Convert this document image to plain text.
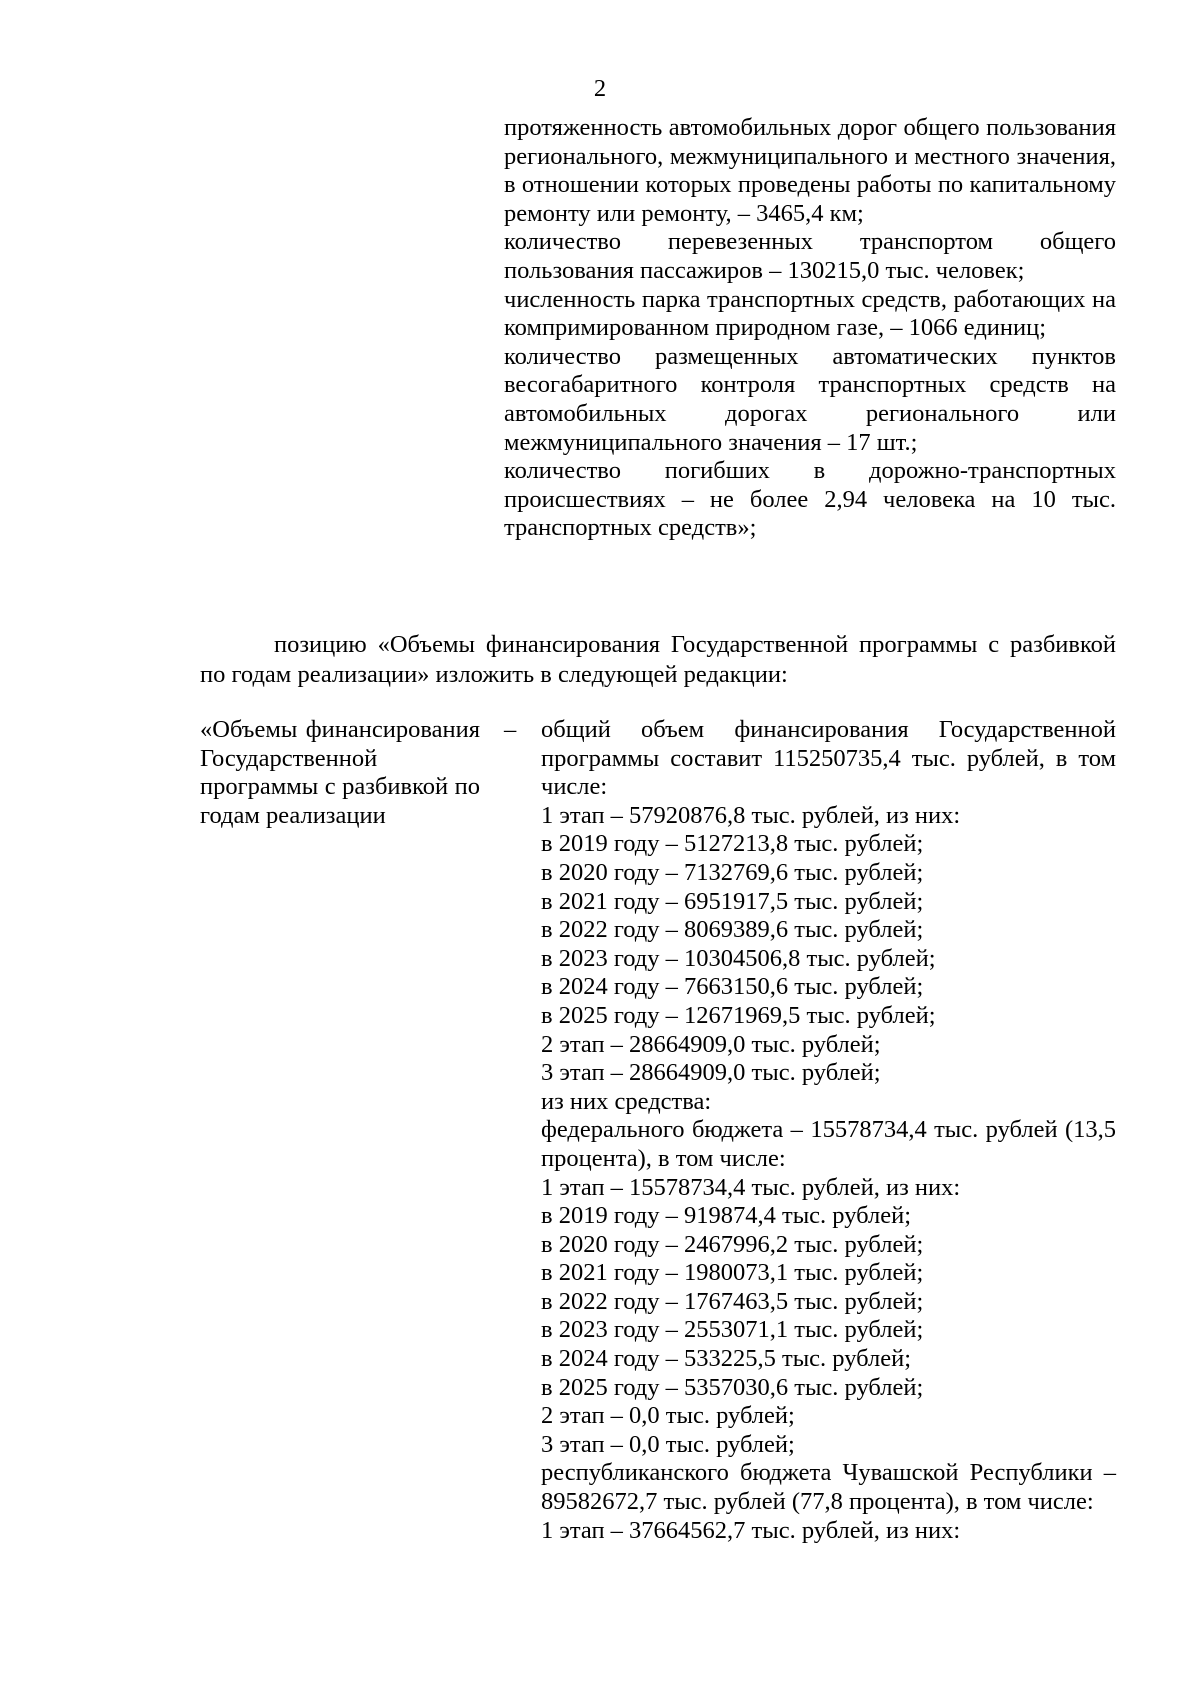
2
протяженность автомобильных дорог общего пользования регионального, межмуниципального и местного значения, в отношении которых проведены работы по капитальному ремонту или ремонту, – 3465,4 км;
количество перевезенных транспортом общего пользования пассажиров – 130215,0 тыс. человек;
численность парка транспортных средств, работающих на компримированном природном газе, – 1066 единиц;
количество размещенных автоматических пунктов весогабаритного контроля транспортных средств на автомобильных дорогах регионального или межмуниципального значения – 17 шт.;
количество погибших в дорожно-транспортных происшествиях – не более 2,94 человека на 10 тыс. транспортных средств»;
позицию «Объемы финансирования Государственной программы с разбивкой по годам реализации» изложить в следующей редакции:
«Объемы финансирования Государственной программы с разбивкой по годам реализации
– общий объем финансирования Государственной программы составит 115250735,4 тыс. рублей, в том числе:
1 этап – 57920876,8 тыс. рублей, из них:
в 2019 году – 5127213,8 тыс. рублей;
в 2020 году – 7132769,6 тыс. рублей;
в 2021 году – 6951917,5 тыс. рублей;
в 2022 году – 8069389,6 тыс. рублей;
в 2023 году – 10304506,8 тыс. рублей;
в 2024 году – 7663150,6 тыс. рублей;
в 2025 году – 12671969,5 тыс. рублей;
2 этап – 28664909,0 тыс. рублей;
3 этап – 28664909,0 тыс. рублей;
из них средства:
федерального бюджета – 15578734,4 тыс. рублей (13,5 процента), в том числе:
1 этап – 15578734,4 тыс. рублей, из них:
в 2019 году – 919874,4 тыс. рублей;
в 2020 году – 2467996,2 тыс. рублей;
в 2021 году – 1980073,1 тыс. рублей;
в 2022 году – 1767463,5 тыс. рублей;
в 2023 году – 2553071,1 тыс. рублей;
в 2024 году – 533225,5 тыс. рублей;
в 2025 году – 5357030,6 тыс. рублей;
2 этап – 0,0 тыс. рублей;
3 этап – 0,0 тыс. рублей;
республиканского бюджета Чувашской Республики – 89582672,7 тыс. рублей (77,8 процента), в том числе:
1 этап – 37664562,7 тыс. рублей, из них:
